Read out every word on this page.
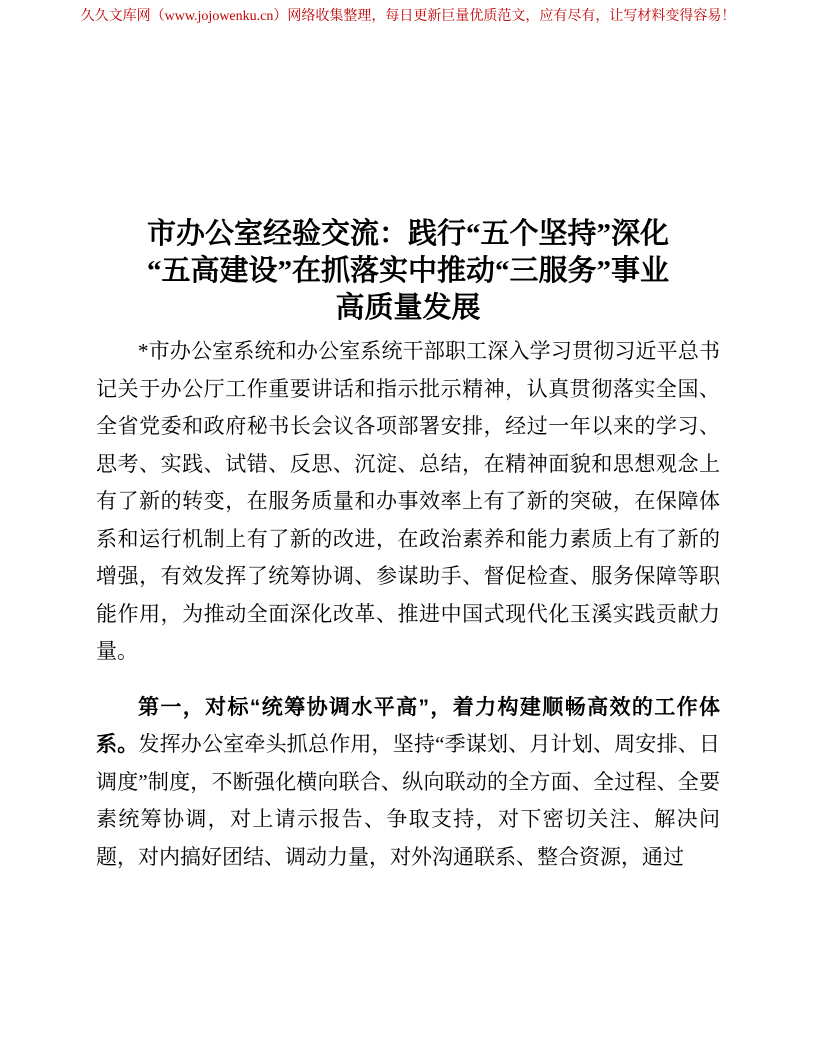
久久文库网（www.jojowenku.cn）网络收集整理，每日更新巨量优质范文，应有尽有，让写材料变得容易！
市办公室经验交流：践行“五个坚持”深化
“五高建设”在抓落实中推动“三服务”事业
高质量发展

*市办公室系统和办公室系统干部职工深入学习贯彻习近平总书记关于办公厅工作重要讲话和指示批示精神，认真贯彻落实全国、全省党委和政府秘书长会议各项部署安排，经过一年以来的学习、思考、实践、试错、反思、沉淀、总结，在精神面貌和思想观念上有了新的转变，在服务质量和办事效率上有了新的突破，在保障体系和运行机制上有了新的改进，在政治素养和能力素质上有了新的增强，有效发挥了统筹协调、参谋助手、督促检查、服务保障等职能作用，为推动全面深化改革、推进中国式现代化玉溪实践贡献力量。

第一，对标“统筹协调水平高”，着力构建顺畅高效的工作体系。发挥办公室牵头抓总作用，坚持“季谋划、月计划、周安排、日调度”制度，不断强化横向联合、纵向联动的全方面、全过程、全要素统筹协调，对上请示报告、争取支持，对下密切关注、解决问题，对内搞好团结、调动力量，对外沟通联系、整合资源，通过
